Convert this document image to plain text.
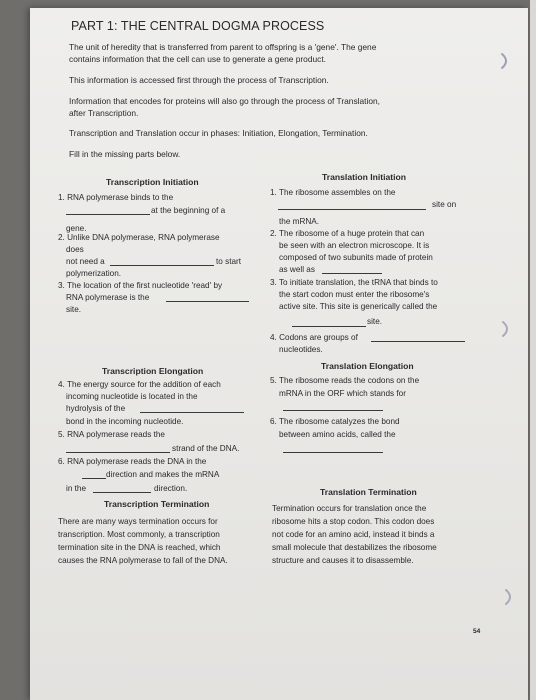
PART 1: THE CENTRAL DOGMA PROCESS
The unit of heredity that is transferred from parent to offspring is a 'gene'. The gene
contains information that the cell can use to generate a gene product.
This information is accessed first through the process of Transcription.
Information that encodes for proteins will also go through the process of Translation,
after Transcription.
Transcription and Translation occur in phases: Initiation, Elongation, Termination.
Fill in the missing parts below.
Transcription Initiation
1. RNA polymerase binds to the
at the beginning of a
gene.
2. Unlike DNA polymerase, RNA polymerase
does
not need a	to start
polymerization.
3. The location of the first nucleotide 'read' by
RNA polymerase is the
site.
Transcription Elongation
4. The energy source for the addition of each
incoming nucleotide is located in the
hydrolysis of the
bond in the incoming nucleotide.
5. RNA polymerase reads the
strand of the DNA.
6. RNA polymerase reads the DNA in the
direction and makes the mRNA
in the	direction.
Transcription Termination
There are many ways termination occurs for
transcription. Most commonly, a transcription
termination site in the DNA is reached, which
causes the RNA polymerase to fall of the DNA.
Translation Initiation
1. The ribosome assembles on the
site on
the mRNA.
2. The ribosome of a huge protein that can
be seen with an electron microscope. It is
composed of two subunits made of protein
as well as
3. To initiate translation, the tRNA that binds to
the start codon must enter the ribosome's
active site. This site is generically called the
site.
4. Codons are groups of
nucleotides.
Translation Elongation
5. The ribosome reads the codons on the
mRNA in the ORF which stands for
6. The ribosome catalyzes the bond
between amino acids, called the
Translation Termination
Termination occurs for translation once the
ribosome hits a stop codon. This codon does
not code for an amino acid, instead it binds a
small molecule that destabilizes the ribosome
structure and causes it to disassemble.
54
